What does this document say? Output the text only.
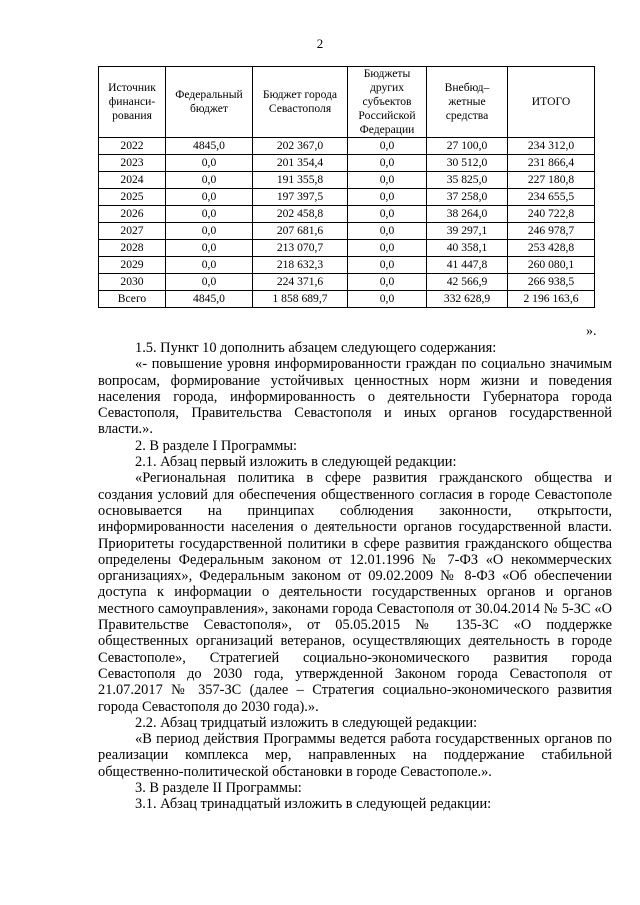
2
Источник финанси-рования	Федеральный бюджет	Бюджет города Севастополя	Бюджеты других субъектов Российской Федерации	Внебюд–жетные средства	ИТОГО
2022	4845,0	202 367,0	0,0	27 100,0	234 312,0
2023	0,0	201 354,4	0,0	30 512,0	231 866,4
2024	0,0	191 355,8	0,0	35 825,0	227 180,8
2025	0,0	197 397,5	0,0	37 258,0	234 655,5
2026	0,0	202 458,8	0,0	38 264,0	240 722,8
2027	0,0	207 681,6	0,0	39 297,1	246 978,7
2028	0,0	213 070,7	0,0	40 358,1	253 428,8
2029	0,0	218 632,3	0,0	41 447,8	260 080,1
2030	0,0	224 371,6	0,0	42 566,9	266 938,5
Всего	4845,0	1 858 689,7	0,0	332 628,9	2 196 163,6
».

1.5. Пункт 10 дополнить абзацем следующего содержания:

«- повышение уровня информированности граждан по социально значимым вопросам, формирование устойчивых ценностных норм жизни и поведения населения города, информированность о деятельности Губернатора города Севастополя, Правительства Севастополя и иных органов государственной власти.».

2. В разделе I Программы:

2.1. Абзац первый изложить в следующей редакции:

«Региональная политика в сфере развития гражданского общества и создания условий для обеспечения общественного согласия в городе Севастополе основывается на принципах соблюдения законности, открытости, информированности населения о деятельности органов государственной власти. Приоритеты государственной политики в сфере развития гражданского общества определены Федеральным законом от 12.01.1996 № 7-ФЗ «О некоммерческих организациях», Федеральным законом от 09.02.2009 № 8-ФЗ «Об обеспечении доступа к информации о деятельности государственных органов и органов местного самоуправления», законами города Севастополя от 30.04.2014 № 5-ЗС «О Правительстве Севастополя», от 05.05.2015 № 135-ЗС «О поддержке общественных организаций ветеранов, осуществляющих деятельность в городе Севастополе», Стратегией социально-экономического развития города Севастополя до 2030 года, утвержденной Законом города Севастополя от 21.07.2017 № 357-ЗС (далее – Стратегия социально-экономического развития города Севастополя до 2030 года).».

2.2. Абзац тридцатый изложить в следующей редакции:

«В период действия Программы ведется работа государственных органов по реализации комплекса мер, направленных на поддержание стабильной общественно-политической обстановки в городе Севастополе.».

3. В разделе II Программы:

3.1. Абзац тринадцатый изложить в следующей редакции:
